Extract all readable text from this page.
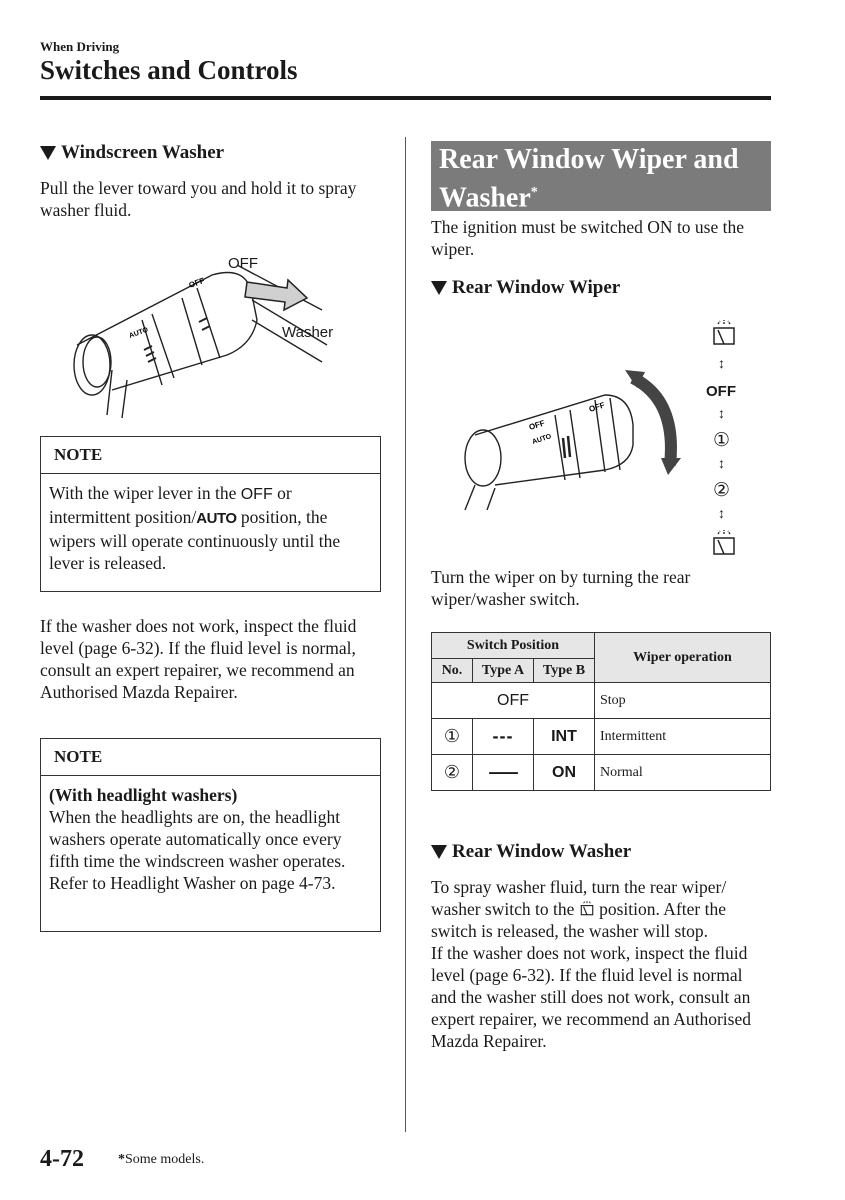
When Driving
Switches and Controls
Windscreen Washer
Pull the lever toward you and hold it to spray washer fluid.
OFF
AUTO
OFF
Washer
NOTE
With the wiper lever in the OFF or intermittent position/AUTO position, the wipers will operate continuously until the lever is released.
If the washer does not work, inspect the fluid level (page 6-32). If the fluid level is normal, consult an expert repairer, we recommend an Authorised Mazda Repairer.
NOTE
(With headlight washers)
When the headlights are on, the headlight washers operate automatically once every fifth time the windscreen washer operates.
Refer to Headlight Washer on page 4-73.
Rear Window Wiper and Washer*
The ignition must be switched ON to use the wiper.
Rear Window Wiper
OFF
OFF
AUTO
↕
OFF
↕
①
↕
②
↕
Turn the wiper on by turning the rear wiper/washer switch.
Switch Position			Wiper operation
No.	Type A	Type B	
OFF			Stop
①	---	INT	Intermittent
②	—	ON	Normal
Rear Window Washer
To spray washer fluid, turn the rear wiper/ washer switch to the  position. After the switch is released, the washer will stop.
If the washer does not work, inspect the fluid level (page 6-32). If the fluid level is normal and the washer still does not work, consult an expert repairer, we recommend an Authorised Mazda Repairer.
4-72 *Some models.
